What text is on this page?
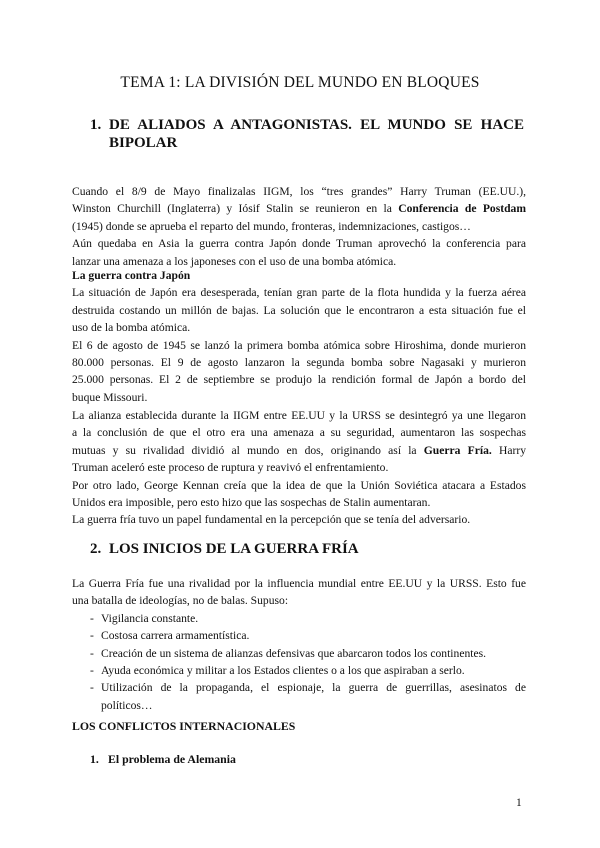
TEMA 1: LA DIVISIÓN DEL MUNDO EN BLOQUES
1. DE ALIADOS A ANTAGONISTAS. EL MUNDO SE HACE
BIPOLAR
Cuando el 8/9 de Mayo finalizalas IIGM, los “tres grandes” Harry Truman (EE.UU.),
Winston Churchill (Inglaterra) y Iósif Stalin se reunieron en la Conferencia de Postdam
(1945) donde se aprueba el reparto del mundo, fronteras, indemnizaciones, castigos…
Aún quedaba en Asia la guerra contra Japón donde Truman aprovechó la conferencia para
lanzar una amenaza a los japoneses con el uso de una bomba atómica.
La guerra contra Japón
La situación de Japón era desesperada, tenían gran parte de la flota hundida y la fuerza aérea
destruida costando un millón de bajas. La solución que le encontraron a esta situación fue el
uso de la bomba atómica.
El 6 de agosto de 1945 se lanzó la primera bomba atómica sobre Hiroshima, donde murieron
80.000 personas. El 9 de agosto lanzaron la segunda bomba sobre Nagasaki y murieron
25.000 personas. El 2 de septiembre se produjo la rendición formal de Japón a bordo del
buque Missouri.
La alianza establecida durante la IIGM entre EE.UU y la URSS se desintegró ya une llegaron
a la conclusión de que el otro era una amenaza a su seguridad, aumentaron las sospechas
mutuas y su rivalidad dividió al mundo en dos, originando así la Guerra Fría. Harry
Truman aceleró este proceso de ruptura y reavivó el enfrentamiento.
Por otro lado, George Kennan creía que la idea de que la Unión Soviética atacara a Estados
Unidos era imposible, pero esto hizo que las sospechas de Stalin aumentaran.
La guerra fría tuvo un papel fundamental en la percepción que se tenía del adversario.
2. LOS INICIOS DE LA GUERRA FRÍA
La Guerra Fría fue una rivalidad por la influencia mundial entre EE.UU y la URSS. Esto fue
una batalla de ideologías, no de balas. Supuso:
- Vigilancia constante.
- Costosa carrera armamentística.
- Creación de un sistema de alianzas defensivas que abarcaron todos los continentes.
- Ayuda económica y militar a los Estados clientes o a los que aspiraban a serlo.
- Utilización de la propaganda, el espionaje, la guerra de guerrillas, asesinatos de
políticos…
LOS CONFLICTOS INTERNACIONALES
1. El problema de Alemania
1
